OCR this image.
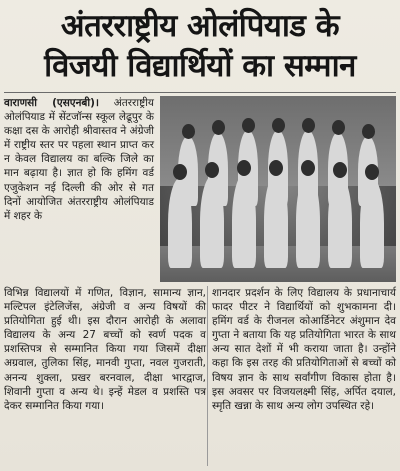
अंतरराष्ट्रीय ओलंपियाड के
विजयी विद्यार्थियों का सम्मान

वाराणसी (एसएनबी)। अंतरराष्ट्रीय ओलंपियाड में सेंटजॉन्स स्कूल लेढूपुर के कक्षा दस के आरोही श्रीवास्तव ने अंग्रेजी में राष्ट्रीय स्तर पर पहला स्थान प्राप्त कर न केवल विद्यालय का बल्कि जिले का मान बढ़ाया है। ज्ञात हो कि हमिंग वर्ड एजुकेशन नई दिल्ली की ओर से गत दिनों आयोजित अंतरराष्ट्रीय ओलंपियाड में शहर के

विभिन्न विद्यालयों में गणित, विज्ञान, सामान्य ज्ञान, मल्टिपल इंटेलिजेंस, अंग्रेजी व अन्य विषयों की प्रतियोगिता हुई थी। इस दौरान आरोही के अलावा विद्यालय के अन्य 27 बच्चों को स्वर्ण पदक व प्रशस्तिपत्र से सम्मानित किया गया जिसमें दीक्षा अग्रवाल, तुलिका सिंह, मानवी गुप्ता, नवल गुजराती, अनन्य शुक्ला, प्रखर बरनवाल, दीक्षा भारद्वाज, शिवानी गुप्ता व अन्य थे। इन्हें मेडल व प्रशस्ति पत्र देकर सम्मानित किया गया।

शानदार प्रदर्शन के लिए विद्यालय के प्रधानाचार्य फादर पीटर ने विद्यार्थियों को शुभकामना दी। हमिंग वर्ड के रीजनल कोआर्डिनेटर अंशुमान देव गुप्ता ने बताया कि यह प्रतियोगिता भारत के साथ अन्य सात देशों में भी कराया जाता है। उन्होंने कहा कि इस तरह की प्रतियोगिताओं से बच्चों को विषय ज्ञान के साथ सर्वांगीण विकास होता है। इस अवसर पर विजयलक्ष्मी सिंह, अर्पित दयाल, स्मृति खन्ना के साथ अन्य लोग उपस्थित रहे।
